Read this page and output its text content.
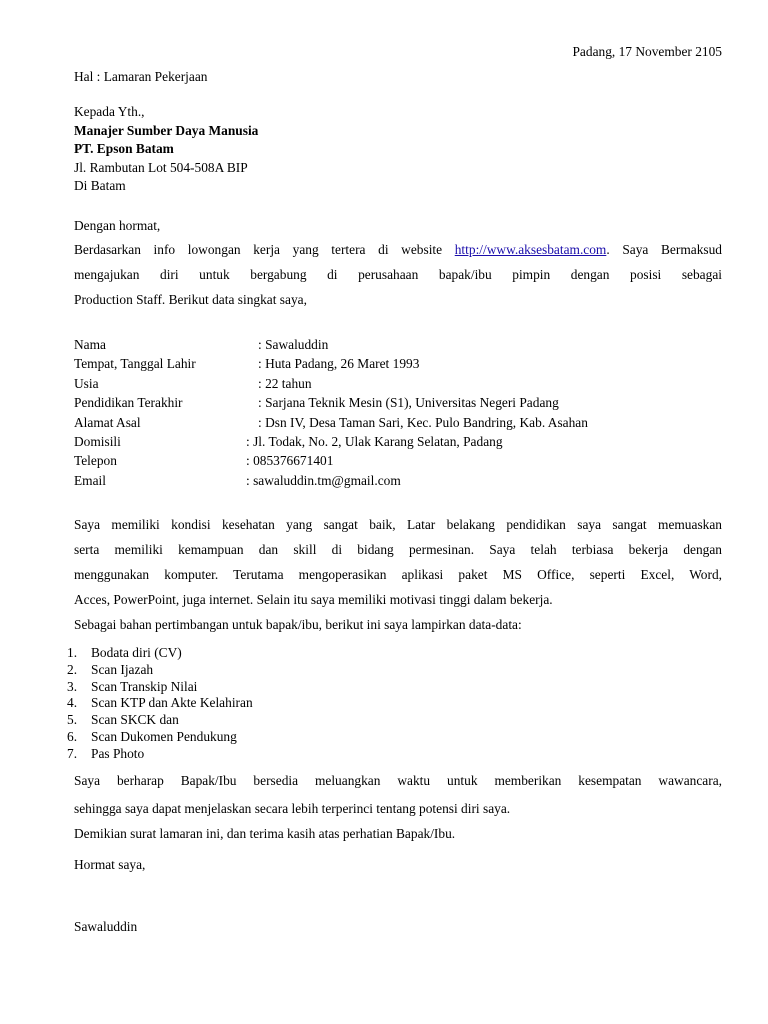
Padang, 17 November 2105
Hal : Lamaran Pekerjaan
Kepada Yth.,
Manajer Sumber Daya Manusia
PT. Epson Batam
Jl. Rambutan Lot 504-508A BIP
Di Batam
Dengan hormat,
Berdasarkan info lowongan kerja yang tertera di website http://www.aksesbatam.com. Saya Bermaksud
mengajukan diri untuk bergabung di perusahaan bapak/ibu pimpin dengan posisi sebagai
Production Staff. Berikut data singkat saya,
Nama	: Sawaluddin
Tempat, Tanggal Lahir	: Huta Padang, 26 Maret 1993
Usia	: 22 tahun
Pendidikan Terakhir	: Sarjana Teknik Mesin (S1), Universitas Negeri Padang
Alamat Asal	: Dsn IV, Desa Taman Sari, Kec. Pulo Bandring, Kab. Asahan
Domisili	: Jl. Todak, No. 2, Ulak Karang Selatan, Padang
Telepon	: 085376671401
Email	: sawaluddin.tm@gmail.com
Saya memiliki kondisi kesehatan yang sangat baik, Latar belakang pendidikan saya sangat memuaskan
serta memiliki kemampuan dan skill di bidang permesinan. Saya telah terbiasa bekerja dengan
menggunakan komputer. Terutama mengoperasikan aplikasi paket MS Office, seperti Excel, Word,
Acces, PowerPoint, juga internet. Selain itu saya memiliki motivasi tinggi dalam bekerja.
Sebagai bahan pertimbangan untuk bapak/ibu, berikut ini saya lampirkan data-data:
1. Bodata diri (CV)
2. Scan Ijazah
3. Scan Transkip Nilai
4. Scan KTP dan Akte Kelahiran
5. Scan SKCK dan
6. Scan Dukomen Pendukung
7. Pas Photo
Saya berharap Bapak/Ibu bersedia meluangkan waktu untuk memberikan kesempatan wawancara,
sehingga saya dapat menjelaskan secara lebih terperinci tentang potensi diri saya.
Demikian surat lamaran ini, dan terima kasih atas perhatian Bapak/Ibu.
Hormat saya,
Sawaluddin
